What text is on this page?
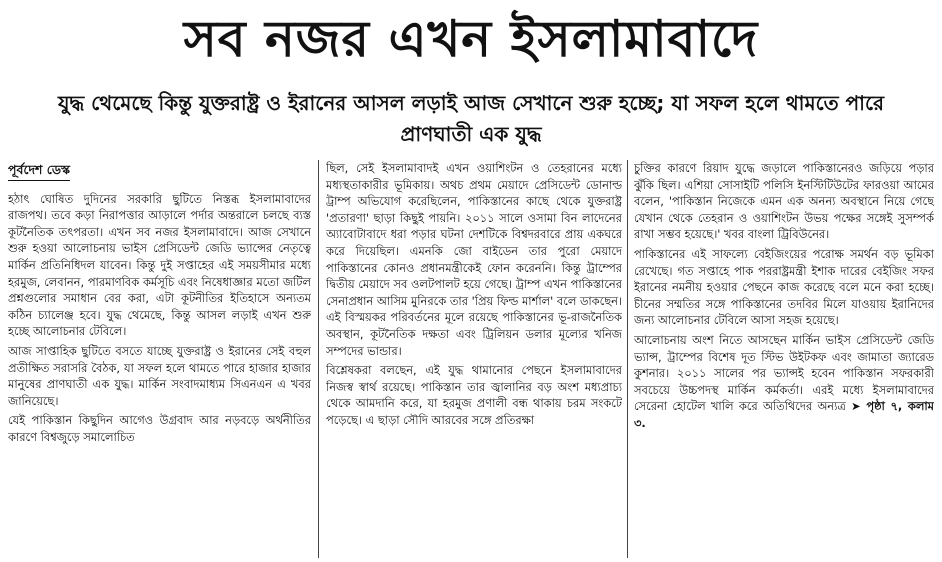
সব নজর এখন ইসলামাবাদে
যুদ্ধ থেমেছে কিন্তু যুক্তরাষ্ট্র ও ইরানের আসল লড়াই আজ সেখানে শুরু হচ্ছে; যা সফল হলে থামতে পারে প্রাণঘাতী এক যুদ্ধ
পূর্বদেশ ডেস্ক

হঠাৎ ঘোষিত দুদিনের সরকারি ছুটিতে নিস্তব্ধ ইসলামাবাদের রাজপথ। তবে কড়া নিরাপত্তার আড়ালে পর্দার অন্তরালে চলছে ব্যস্ত কূটনৈতিক তৎপরতা। এখন সব নজর ইসলামাবাদে। আজ সেখানে শুরু হওয়া আলোচনায় ভাইস প্রেসিডেন্ট জেডি ভ্যান্সের নেতৃত্বে মার্কিন প্রতিনিধিদল যাবেন। কিন্তু দুই সপ্তাহের এই সময়সীমার মধ্যে হরমুজ, লেবানন, পারমাণবিক কর্মসূচি এবং নিষেধাজ্ঞার মতো জটিল প্রশ্নগুলোর সমাধান বের করা, এটা কূটনীতির ইতিহাসে অন্যতম কঠিন চ্যালেঞ্জ হবে। যুদ্ধ থেমেছে, কিন্তু আসল লড়াই এখন শুরু হচ্ছে আলোচনার টেবিলে।

আজ সাপ্তাহিক ছুটিতে বসতে যাচ্ছে যুক্তরাষ্ট্র ও ইরানের সেই বহুল প্রতীক্ষিত সরাসরি বৈঠক, যা সফল হলে থামতে পারে হাজার হাজার মানুষের প্রাণঘাতী এক যুদ্ধ। মার্কিন সংবাদমাধ্যম সিএনএন এ খবর জানিয়েছে।

যেই পাকিস্তান কিছুদিন আগেও উগ্রবাদ আর নড়বড়ে অর্থনীতির কারণে বিশ্বজুড়ে সমালোচিত

ছিল, সেই ইসলামাবাদই এখন ওয়াশিংটন ও তেহরানের মধ্যে মধ্যস্থতাকারীর ভূমিকায়। অথচ প্রথম মেয়াদে প্রেসিডেন্ট ডোনাল্ড ট্রাম্প অভিযোগ করেছিলেন, পাকিস্তানের কাছে থেকে যুক্তরাষ্ট্র 'প্রতারণা' ছাড়া কিছুই পায়নি। ২০১১ সালে ওসামা বিন লাদেনের অ্যাবোটাবাদে ধরা পড়ার ঘটনা দেশটিকে বিশ্বদরবারে প্রায় একঘরে করে দিয়েছিল। এমনকি জো বাইডেন তার পুরো মেয়াদে পাকিস্তানের কোনও প্রধানমন্ত্রীকেই ফোন করেননি। কিন্তু ট্রাম্পের দ্বিতীয় মেয়াদে সব ওলটপালট হয়ে গেছে। ট্রাম্প এখন পাকিস্তানের সেনাপ্রধান আসিম মুনিরকে তার 'প্রিয় ফিল্ড মার্শাল' বলে ডাকছেন। এই বিস্ময়কর পরিবর্তনের মূলে রয়েছে পাকিস্তানের ভূ-রাজনৈতিক অবস্থান, কূটনৈতিক দক্ষতা এবং ট্রিলিয়ন ডলার মূল্যের খনিজ সম্পদের ভান্ডার।

বিশ্লেষকরা বলছেন, এই যুদ্ধ থামানোর পেছনে ইসলামাবাদের নিজস্ব স্বার্থ রয়েছে। পাকিস্তান তার জ্বালানির বড় অংশ মধ্যপ্রাচ্য থেকে আমদানি করে, যা হরমুজ প্রণালী বন্ধ থাকায় চরম সংকটে পড়েছে। এ ছাড়া সৌদি আরবের সঙ্গে প্রতিরক্ষা

চুক্তির কারণে রিয়াদ যুদ্ধে জড়ালে পাকিস্তানেরও জড়িয়ে পড়ার ঝুঁকি ছিল। এশিয়া সোসাইটি পলিসি ইনস্টিটিউটের ফারওয়া আমের বলেন, 'পাকিস্তান নিজেকে এমন এক অনন্য অবস্থানে নিয়ে গেছে যেখান থেকে তেহরান ও ওয়াশিংটন উভয় পক্ষের সঙ্গেই সুসম্পর্ক রাখা সম্ভব হয়েছে।' খবর বাংলা ট্রিবিউনের।

পাকিস্তানের এই সাফল্যে বেইজিংয়ের পরোক্ষ সমর্থন বড় ভূমিকা রেখেছে। গত সপ্তাহে পাক পররাষ্ট্রমন্ত্রী ইশাক দারের বেইজিং সফর ইরানের নমনীয় হওয়ার পেছনে কাজ করেছে বলে মনে করা হচ্ছে। চীনের সম্মতির সঙ্গে পাকিস্তানের তদবির মিলে যাওয়ায় ইরানিদের জন্য আলোচনার টেবিলে আসা সহজ হয়েছে।

আলোচনায় অংশ নিতে আসছেন মার্কিন ভাইস প্রেসিডেন্ট জেডি ভ্যান্স, ট্রাম্পের বিশেষ দূত স্টিভ উইটকফ এবং জামাতা জ্যারেড কুশনার। ২০১১ সালের পর ভ্যান্সই হবেন পাকিস্তান সফরকারী সবচেয়ে উচ্চপদস্থ মার্কিন কর্মকর্তা। এরই মধ্যে ইসলামাবাদের সেরেনা হোটেল খালি করে অতিথিদের অন্যত্র ➤ পৃষ্ঠা ৭, কলাম ৩.
